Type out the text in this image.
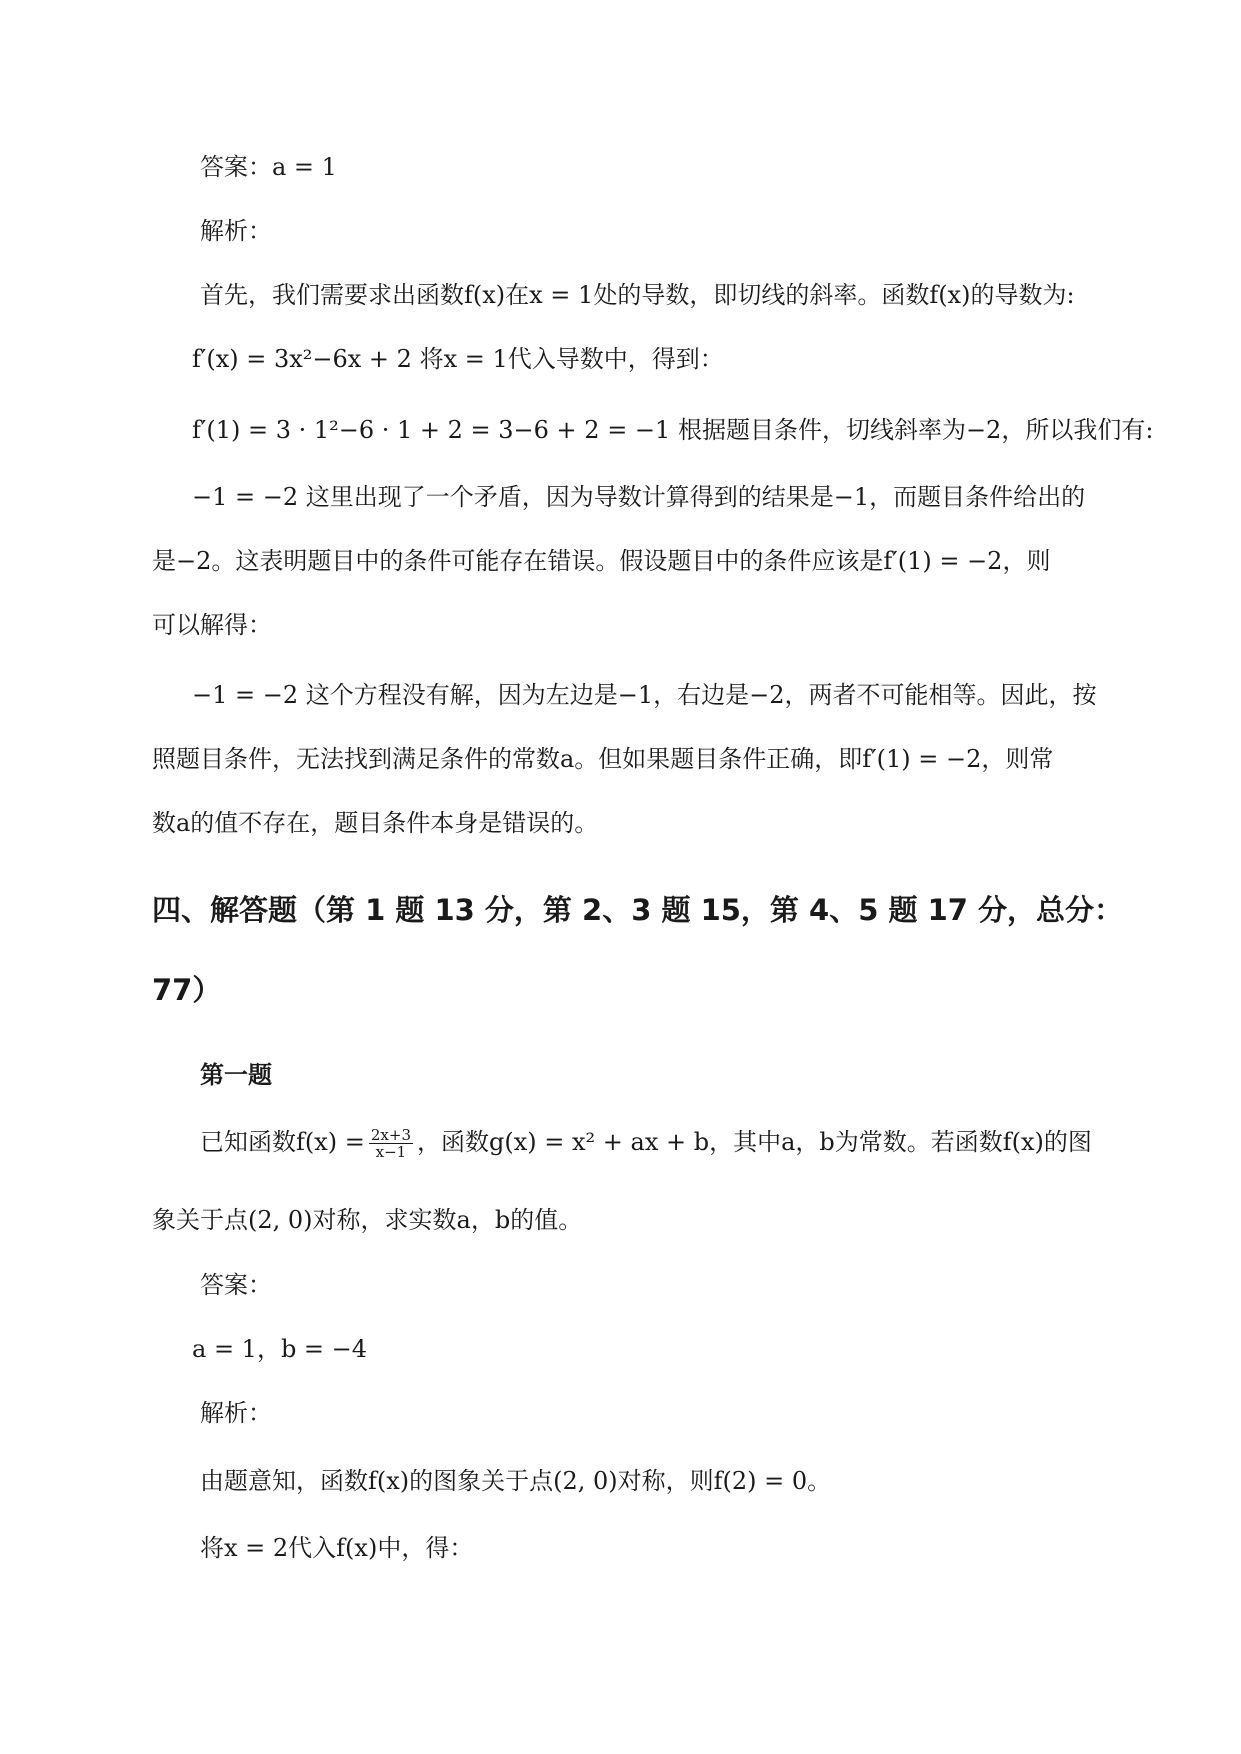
答案：a = 1
解析：
首先，我们需要求出函数f(x)在x = 1处的导数，即切线的斜率。函数f(x)的导数为:
f′(x) = 3x²−6x + 2 将x = 1代入导数中，得到：
f′(1) = 3 · 1²−6 · 1 + 2 = 3−6 + 2 = −1 根据题目条件，切线斜率为−2，所以我们有:
−1 = −2 这里出现了一个矛盾，因为导数计算得到的结果是−1，而题目条件给出的
是−2。这表明题目中的条件可能存在错误。假设题目中的条件应该是f′(1) = −2，则
可以解得：
−1 = −2 这个方程没有解，因为左边是−1，右边是−2，两者不可能相等。因此，按
照题目条件，无法找到满足条件的常数a。但如果题目条件正确，即f′(1) = −2，则常
数a的值不存在，题目条件本身是错误的。
四、解答题（第 1 题 13 分，第 2、3 题 15，第 4、5 题 17 分，总分：
77）
第一题
已知函数$f(x) = \frac{2x+3}{x-1}$ ，函数g(x) = x² + ax + b，其中a，b为常数。若函数f(x)的图
象关于点(2, 0)对称，求实数a，b的值。
答案：
a = 1，b = −4
解析：
由题意知，函数f(x)的图象关于点(2, 0)对称，则f(2) = 0。
将x = 2代入f(x)中，得：
